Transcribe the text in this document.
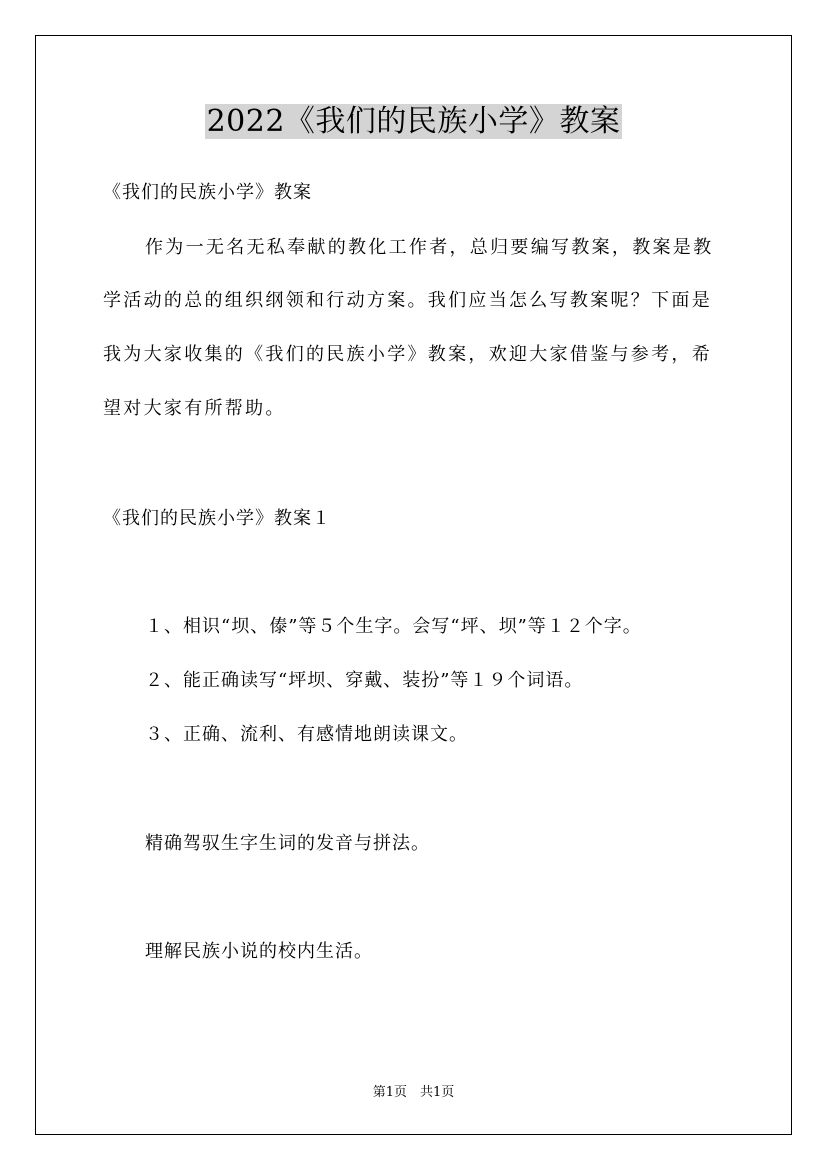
2022《我们的民族小学》教案
《我们的民族小学》教案
作为一无名无私奉献的教化工作者，总归要编写教案，教案是教
学活动的总的组织纲领和行动方案。我们应当怎么写教案呢？下面是
我为大家收集的《我们的民族小学》教案，欢迎大家借鉴与参考，希
望对大家有所帮助。
《我们的民族小学》教案１
１、相识“坝、傣”等５个生字。会写“坪、坝”等１２个字。
２、能正确读写“坪坝、穿戴、装扮”等１９个词语。
３、正确、流利、有感情地朗读课文。
精确驾驭生字生词的发音与拼法。
理解民族小说的校内生活。
第1页　共1页
